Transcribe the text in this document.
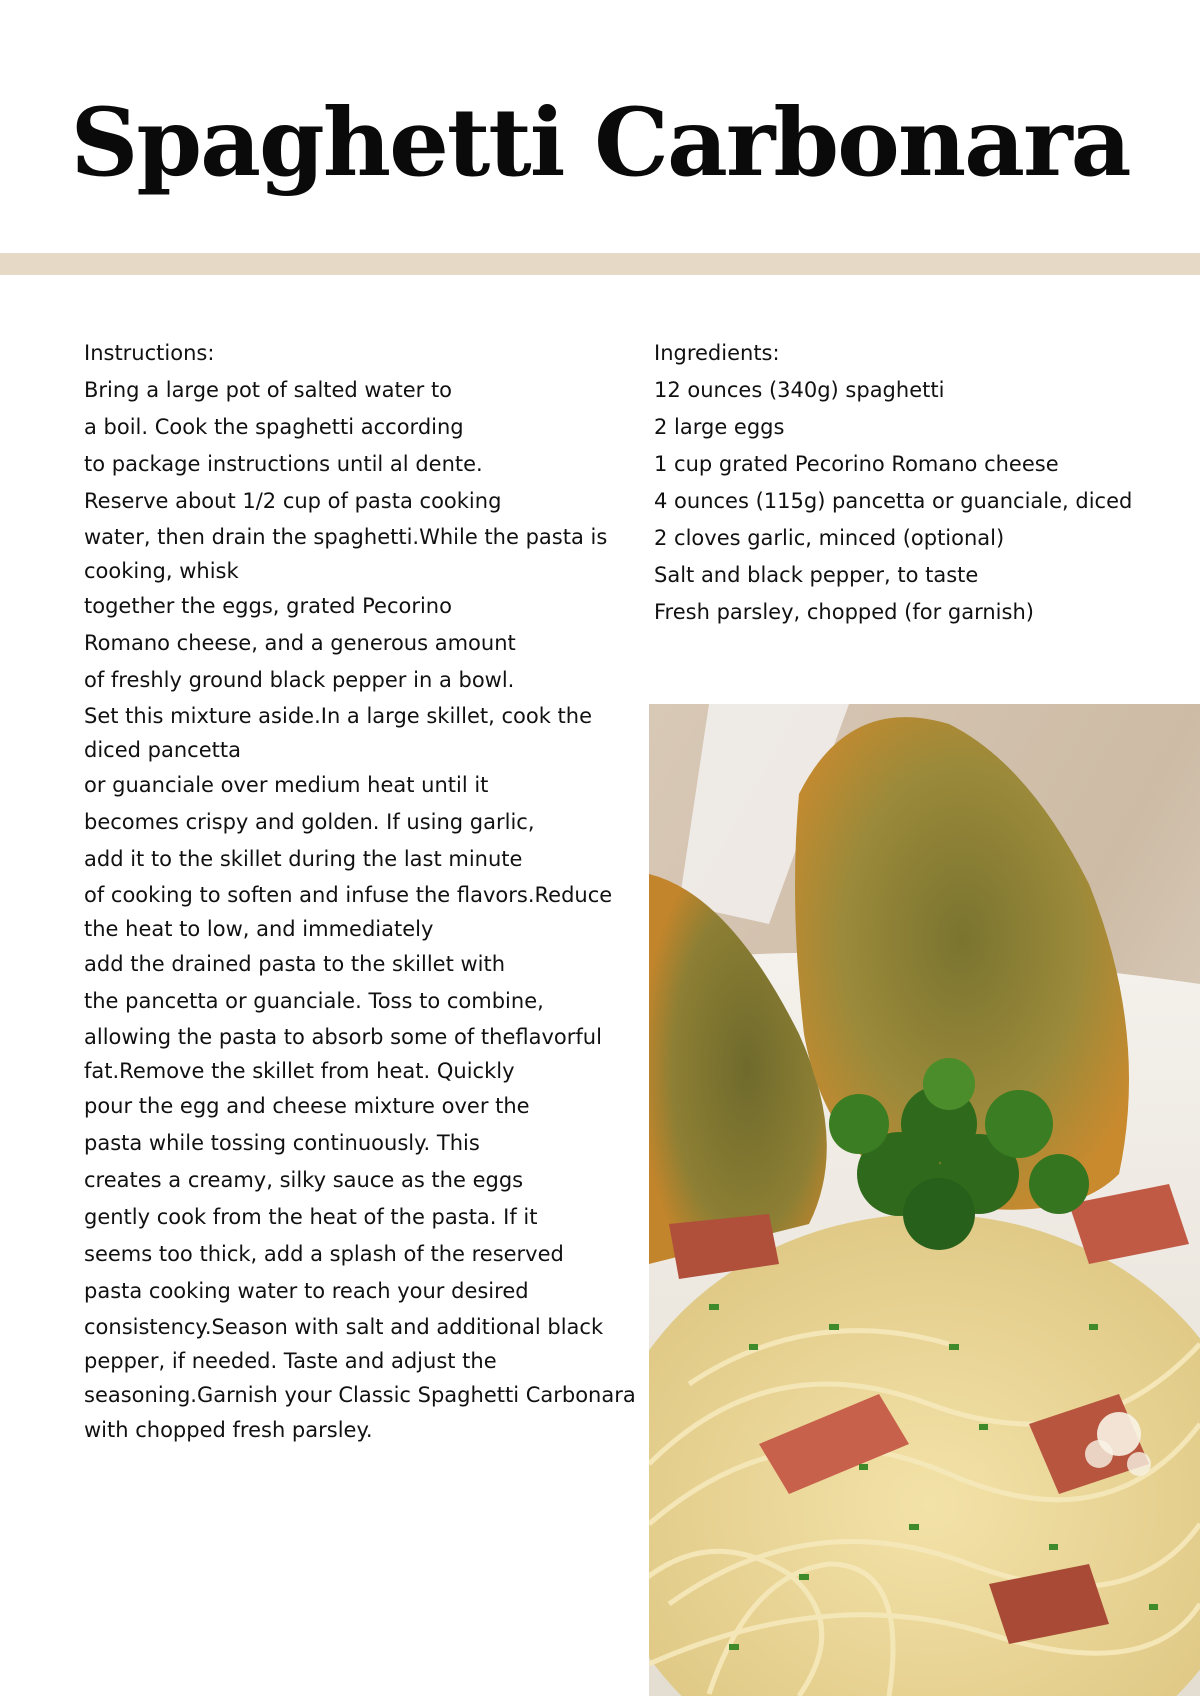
Spaghetti Carbonara
Instructions:
Bring a large pot of salted water to
a boil. Cook the spaghetti according
to package instructions until al dente.
Reserve about 1/2 cup of pasta cooking
water, then drain the spaghetti.While the pasta is cooking, whisk
together the eggs, grated Pecorino
Romano cheese, and a generous amount
of freshly ground black pepper in a bowl.
Set this mixture aside.In a large skillet, cook the diced pancetta
or guanciale over medium heat until it
becomes crispy and golden. If using garlic,
add it to the skillet during the last minute
of cooking to soften and infuse the flavors.Reduce the heat to low, and immediately
add the drained pasta to the skillet with
the pancetta or guanciale. Toss to combine,
allowing the pasta to absorb some of theflavorful fat.Remove the skillet from heat. Quickly
pour the egg and cheese mixture over the
pasta while tossing continuously. This
creates a creamy, silky sauce as the eggs
gently cook from the heat of the pasta. If it
seems too thick, add a splash of the reserved
pasta cooking water to reach your desired
consistency.Season with salt and additional black pepper, if needed. Taste and adjust the
seasoning.Garnish your Classic Spaghetti Carbonara
with chopped fresh parsley.
Ingredients:
12 ounces (340g) spaghetti
2 large eggs
1 cup grated Pecorino Romano cheese
4 ounces (115g) pancetta or guanciale, diced
2 cloves garlic, minced (optional)
Salt and black pepper, to taste
Fresh parsley, chopped (for garnish)
